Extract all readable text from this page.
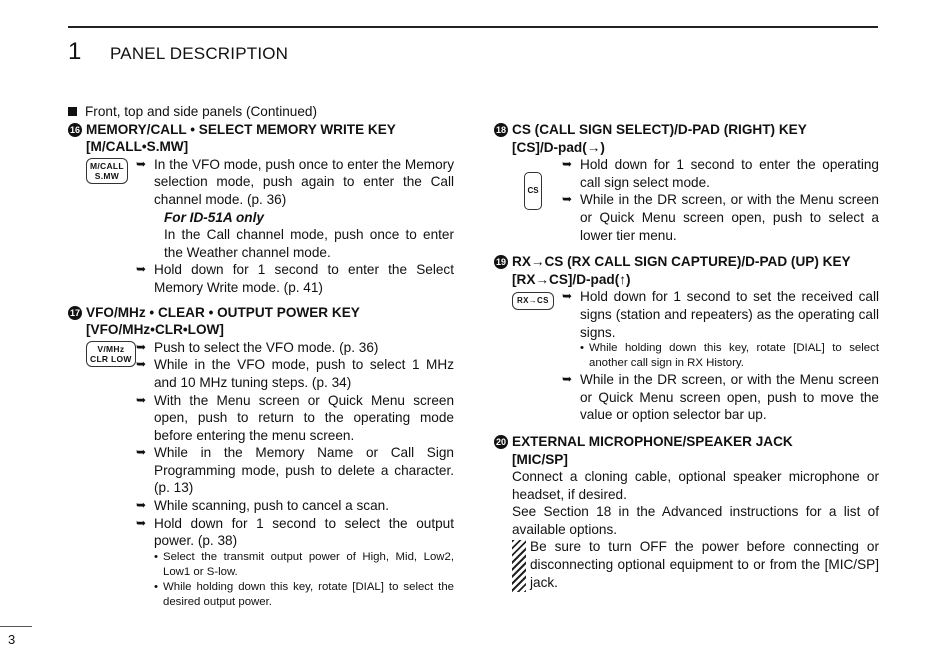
1 PANEL DESCRIPTION
Front, top and side panels (Continued)
16 MEMORY/CALL • SELECT MEMORY WRITE KEY
[M/CALL•S.MW]
M/CALL
S.MW
➥ In the VFO mode, push once to enter the Memory selection mode, push again to enter the Call channel mode. (p. 36)
For ID-51A only
In the Call channel mode, push once to enter the Weather channel mode.
➥ Hold down for 1 second to enter the Select Memory Write mode. (p. 41)
17 VFO/MHz • CLEAR • OUTPUT POWER KEY
[VFO/MHz•CLR•LOW]
V/MHz
CLR LOW
➥ Push to select the VFO mode. (p. 36)
➥ While in the VFO mode, push to select 1 MHz and 10 MHz tuning steps. (p. 34)
➥ With the Menu screen or Quick Menu screen open, push to return to the operating mode before entering the menu screen.
➥ While in the Memory Name or Call Sign Programming mode, push to delete a character. (p. 13)
➥ While scanning, push to cancel a scan.
➥ Hold down for 1 second to select the output power. (p. 38)
• Select the transmit output power of High, Mid, Low2, Low1 or S-low.
• While holding down this key, rotate [DIAL] to select the desired output power.
18 CS (CALL SIGN SELECT)/D-PAD (RIGHT) KEY
[CS]/D-pad(→)
CS
➥ Hold down for 1 second to enter the operating call sign select mode.
➥ While in the DR screen, or with the Menu screen or Quick Menu screen open, push to select a lower tier menu.
19 RX→CS (RX CALL SIGN CAPTURE)/D-PAD (UP) KEY
[RX→CS]/D-pad(↑)
RX→CS	➥ Hold down for 1 second to set the received call signs (station and repeaters) as the operating call signs.
• While holding down this key, rotate [DIAL] to select another call sign in RX History.
➥ While in the DR screen, or with the Menu screen or Quick Menu screen open, push to move the value or option selector bar up.
20 EXTERNAL MICROPHONE/SPEAKER JACK
[MIC/SP]
Connect a cloning cable, optional speaker microphone or headset, if desired.
See Section 18 in the Advanced instructions for a list of available options.
Be sure to turn OFF the power before connecting or disconnecting optional equipment to or from the [MIC/SP] jack.
3
